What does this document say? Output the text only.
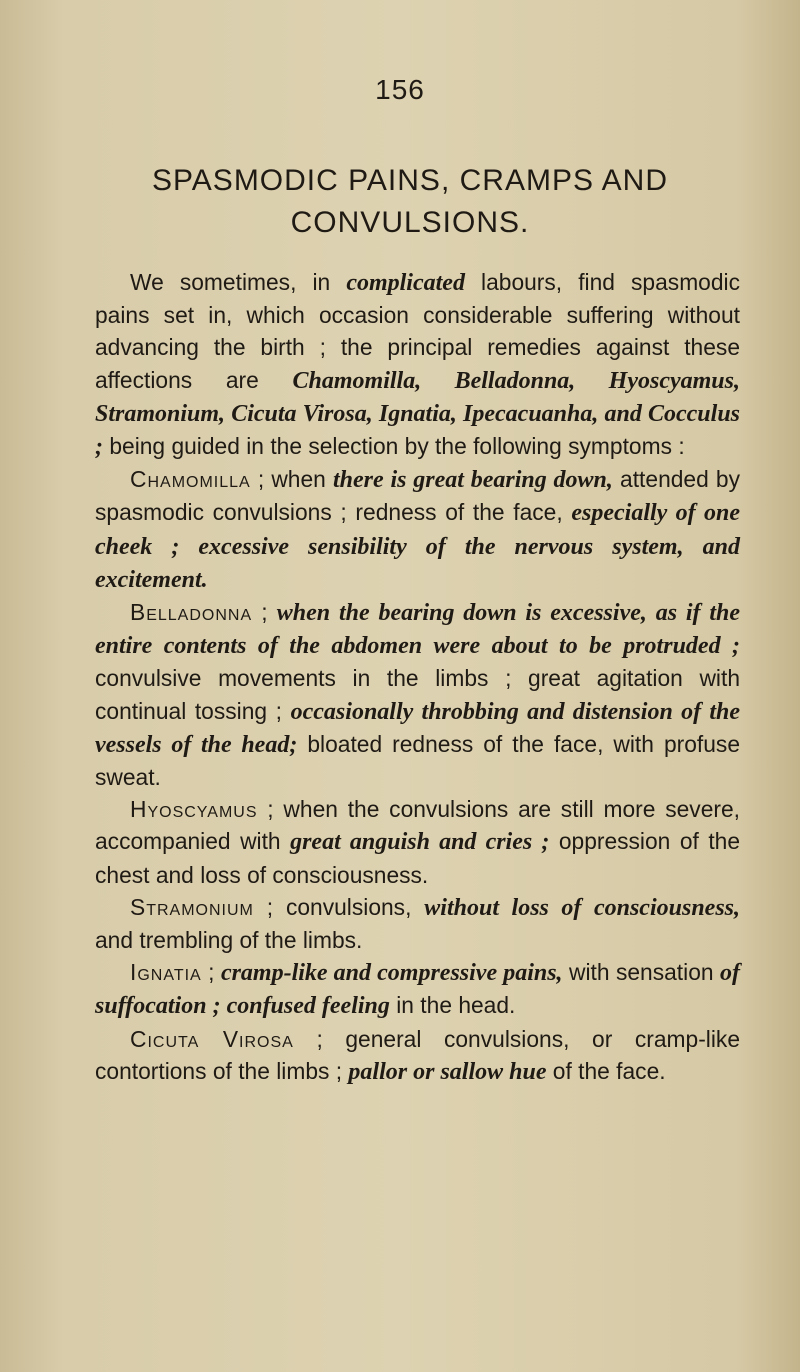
156
SPASMODIC PAINS, CRAMPS AND
CONVULSIONS.

We sometimes, in complicated labours, find spasmodic pains set in, which occasion considerable suffering without advancing the birth ; the principal remedies against these affections are Chamomilla, Belladonna, Hyoscyamus, Stramonium, Cicuta Virosa, Ignatia, Ipecacuanha, and Cocculus ; being guided in the selection by the following symptoms :

Chamomilla ; when there is great bearing down, attended by spasmodic convulsions ; redness of the face, especially of one cheek ; excessive sensibility of the nervous system, and excitement.

Belladonna ; when the bearing down is excessive, as if the entire contents of the abdomen were about to be protruded ; convulsive movements in the limbs ; great agitation with continual tossing ; occasionally throbbing and distension of the vessels of the head; bloated redness of the face, with profuse sweat.

Hyoscyamus ; when the convulsions are still more severe, accompanied with great anguish and cries ; oppression of the chest and loss of consciousness.

Stramonium ; convulsions, without loss of consciousness, and trembling of the limbs.

Ignatia ; cramp-like and compressive pains, with sensation of suffocation ; confused feeling in the head.

Cicuta Virosa ; general convulsions, or cramp-like contortions of the limbs ; pallor or sallow hue of the face.
